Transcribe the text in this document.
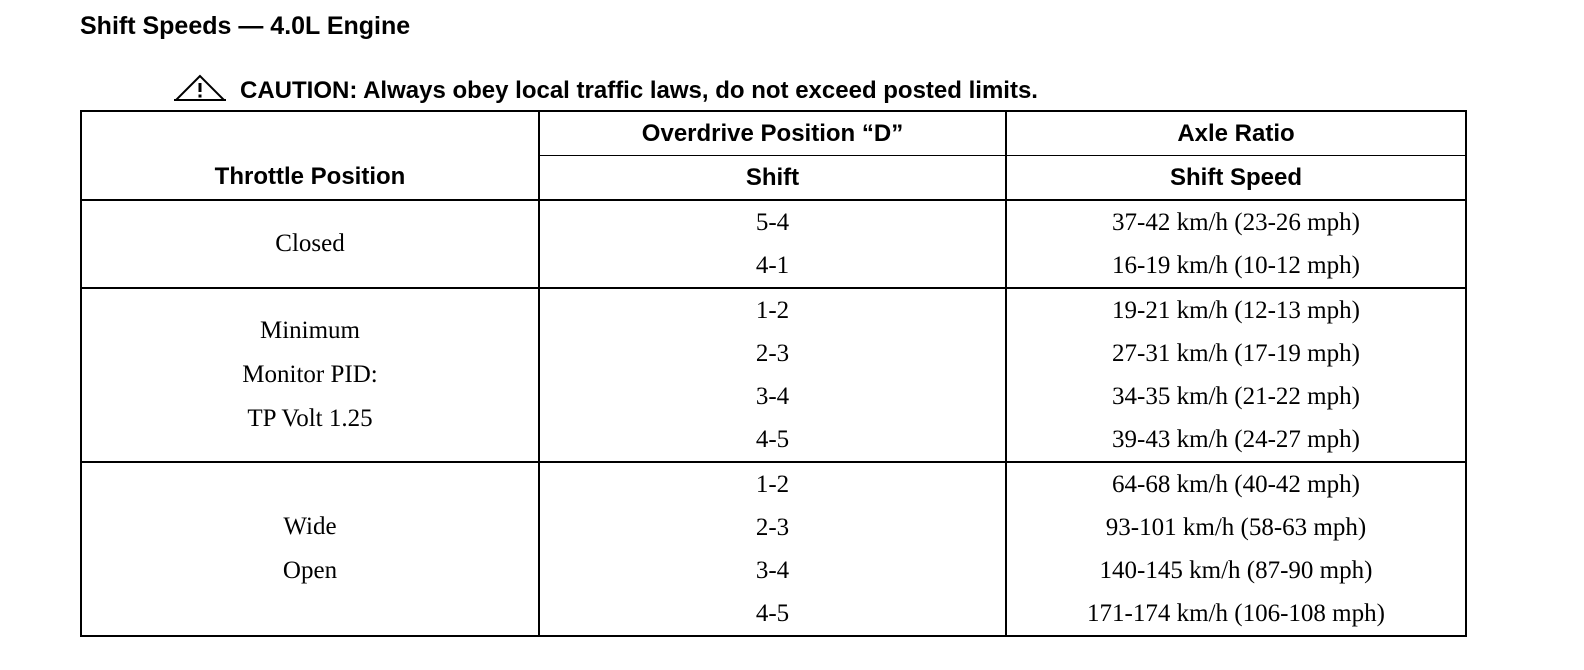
Shift Speeds — 4.0L Engine
CAUTION: Always obey local traffic laws, do not exceed posted limits.
	Overdrive Position “D”	Axle Ratio
Throttle Position	Shift	Shift Speed

Closed	5-4	37-42 km/h (23-26 mph)
	4-1	16-19 km/h (10-12 mph)

Minimum
Monitor PID:
TP Volt 1.25	1-2	19-21 km/h (12-13 mph)
	2-3	27-31 km/h (17-19 mph)
	3-4	34-35 km/h (21-22 mph)
	4-5	39-43 km/h (24-27 mph)

Wide
Open	1-2	64-68 km/h (40-42 mph)
	2-3	93-101 km/h (58-63 mph)
	3-4	140-145 km/h (87-90 mph)
	4-5	171-174 km/h (106-108 mph)
